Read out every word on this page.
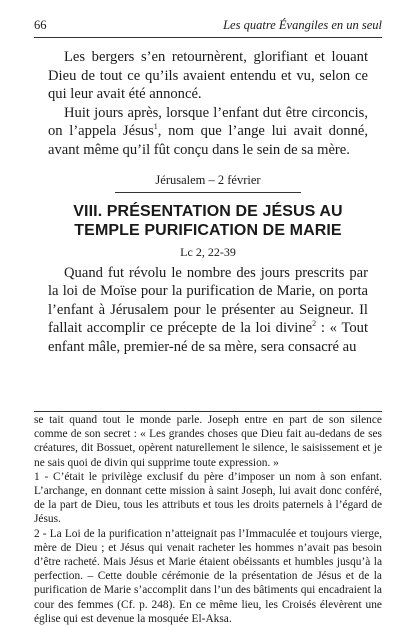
66	Les quatre Évangiles en un seul

Les bergers s’en retournèrent, glorifiant et louant Dieu de tout ce qu’ils avaient entendu et vu, selon ce qui leur avait été annoncé.

Huit jours après, lorsque l’enfant dut être circoncis, on l’appela Jésus$^1$, nom que l’ange lui avait donné, avant même qu’il fût conçu dans le sein de sa mère.

Jérusalem – 2 février
VIII. PRÉSENTATION DE JÉSUS AU TEMPLE PURIFICATION DE MARIE
Lc 2, 22-39

Quand fut révolu le nombre des jours prescrits par la loi de Moïse pour la purification de Marie, on porta l’enfant à Jérusalem pour le présenter au Seigneur. Il fallait accomplir ce précepte de la loi divine$^2$ : « Tout enfant mâle, premier-né de sa mère, sera consacré au

se tait quand tout le monde parle. Joseph entre en part de son silence comme de son secret : « Les grandes choses que Dieu fait au-dedans de ses créatures, dit Bossuet, opèrent naturellement le silence, le saisissement et je ne sais quoi de divin qui supprime toute expression. »

1 - C’était le privilège exclusif du père d’imposer un nom à son enfant. L’archange, en donnant cette mission à saint Joseph, lui avait donc conféré, de la part de Dieu, tous les attributs et tous les droits paternels à l’égard de Jésus.

2 - La Loi de la purification n’atteignait pas l’Immaculée et toujours vierge, mère de Dieu ; et Jésus qui venait racheter les hommes n’avait pas besoin d’être racheté. Mais Jésus et Marie étaient obéissants et humbles jusqu’à la perfection. – Cette double cérémonie de la présentation de Jésus et de la purification de Marie s’accomplit dans l’un des bâtiments qui encadraient la cour des femmes (Cf. p. 248). En ce même lieu, les Croisés élevèrent une église qui est devenue la mosquée El-Aksa.
